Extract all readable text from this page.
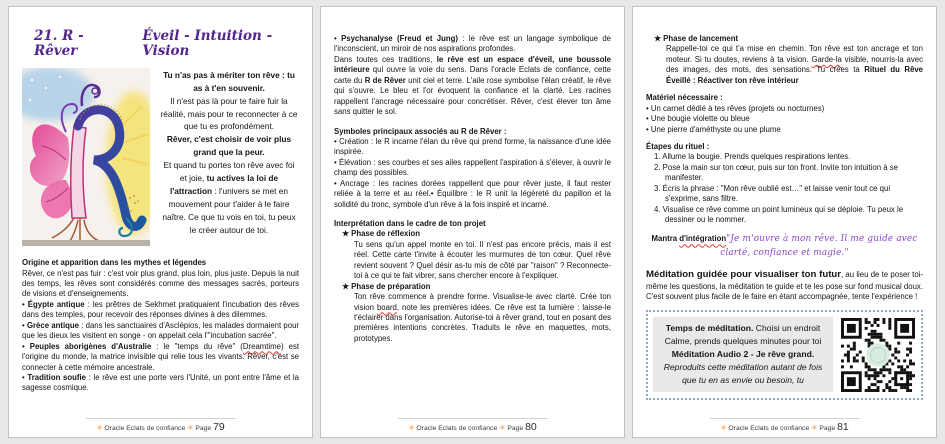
21. R - Rêver
Éveil - Intuition - Vision

Tu n'as pas à mériter ton rêve : tu as à t'en souvenir.

Il n'est pas là pour te faire fuir la réalité, mais pour te reconnecter à ce que tu es profondément.

Rêver, c'est choisir de voir plus grand que la peur.

Et quand tu portes ton rêve avec foi et joie, tu actives la loi de l'attraction : l'univers se met en mouvement pour t'aider à le faire naître. Ce que tu vois en toi, tu peux le créer autour de toi.

Origine et apparition dans les mythes et légendes

Rêver, ce n'est pas fuir : c'est voir plus grand, plus loin, plus juste. Depuis la nuit des temps, les rêves sont considérés comme des messages sacrés, porteurs de visions et d'enseignements.

• Égypte antique : les prêtres de Sekhmet pratiquaient l'incubation des rêves dans des temples, pour recevoir des réponses divines à des dilemmes.

• Grèce antique : dans les sanctuaires d'Asclépios, les malades dormaient pour que les dieux les visitent en songe - on appelait cela l'"incubation sacrée".

• Peuples aborigènes d'Australie : le "temps du rêve" (Dreamtime) est l'origine du monde, la matrice invisible qui relie tous les vivants. Rêver, c'est se connecter à cette mémoire ancestrale.

• Tradition soufie : le rêve est une porte vers l'Unité, un pont entre l'âme et la sagesse cosmique.

✳ Oracle Eclats de confiance ✳ Page 79

• Psychanalyse (Freud et Jung) : le rêve est un langage symbolique de l'inconscient, un miroir de nos aspirations profondes.

Dans toutes ces traditions, le rêve est un espace d'éveil, une boussole intérieure qui ouvre la voie du sens. Dans l'oracle Eclats de confiance, cette carte du R de Rêver unit ciel et terre. L'aile rose symbolise l'élan créatif, le rêve qui s'ouvre. Le bleu et l'or évoquent la confiance et la clarté. Les racines rappellent l'ancrage nécessaire pour concrétiser. Rêver, c'est élever ton âme sans quitter le sol.

Symboles principaux associés au R de Rêver :

• Création : le R incarne l'élan du rêve qui prend forme, la naissance d'une idée inspirée.

• Élévation : ses courbes et ses ailes rappellent l'aspiration à s'élever, à ouvrir le champ des possibles.

• Ancrage : les racines dorées rappellent que pour rêver juste, il faut rester reliée à la terre et au réel.• Équilibre : le R unit la légèreté du papillon et la solidité du tronc, symbole d'un rêve à la fois inspiré et incarné.

Interprétation dans le cadre de ton projet

★ Phase de réflexion

Tu sens qu'un appel monte en toi. Il n'est pas encore précis, mais il est réel. Cette carte t'invite à écouter les murmures de ton cœur. Quel rêve revient souvent ? Quel désir as-tu mis de côté par "raison" ? Reconnecte-toi à ce qui te fait vibrer, sans chercher encore à l'expliquer.

★ Phase de préparation

Ton rêve commence à prendre forme. Visualise-le avec clarté. Crée ton vision board, note les premières idées. Ce rêve est ta lumière : laisse-le t'éclairer dans l'organisation. Autorise-toi à rêver grand, tout en posant des premières intentions concrètes. Traduits le rêve en maquettes, mots, prototypes.

✳ Oracle Eclats de confiance ✳ Page 80

★ Phase de lancement

Rappelle-toi ce qui t'a mise en chemin. Ton rêve est ton ancrage et ton moteur. Si tu doutes, reviens à ta vision. Garde-la visible, nourris-la avec des images, des mots, des sensations. Tu crées ta Rituel du Rêve Éveillé : Réactiver ton rêve intérieur

Matériel nécessaire :

• Un carnet dédié à tes rêves (projets ou nocturnes)

• Une bougie violette ou bleue

• Une pierre d'améthyste ou une plume

Étapes du rituel :

1. Allume la bougie. Prends quelques respirations lentes.

2. Pose la main sur ton cœur, puis sur ton front. Invite ton intuition à se manifester.

3. Écris la phrase : "Mon rêve oublié est…" et laisse venir tout ce qui s'exprime, sans filtre.

4. Visualise ce rêve comme un point lumineux qui se déploie. Tu peux le dessiner ou le nommer.

Mantra d'intégration"Je m'ouvre à mon rêve. Il me guide avec clarté, confiance et magie."

Méditation guidée pour visualiser ton futur, au lieu de te poser toi-même les questions, la méditation te guide et te les pose sur fond musical doux. C'est souvent plus facile de le faire en étant accompagnée, tente l'expérience !

Temps de méditation. Choisi un endroit Calme, prends quelques minutes pour toi Méditation Audio 2 - Je rêve grand. Reproduits cette méditation autant de fois que tu en as envie ou besoin, tu
✳ Oracle Eclats de confiance ✳ Page 81
